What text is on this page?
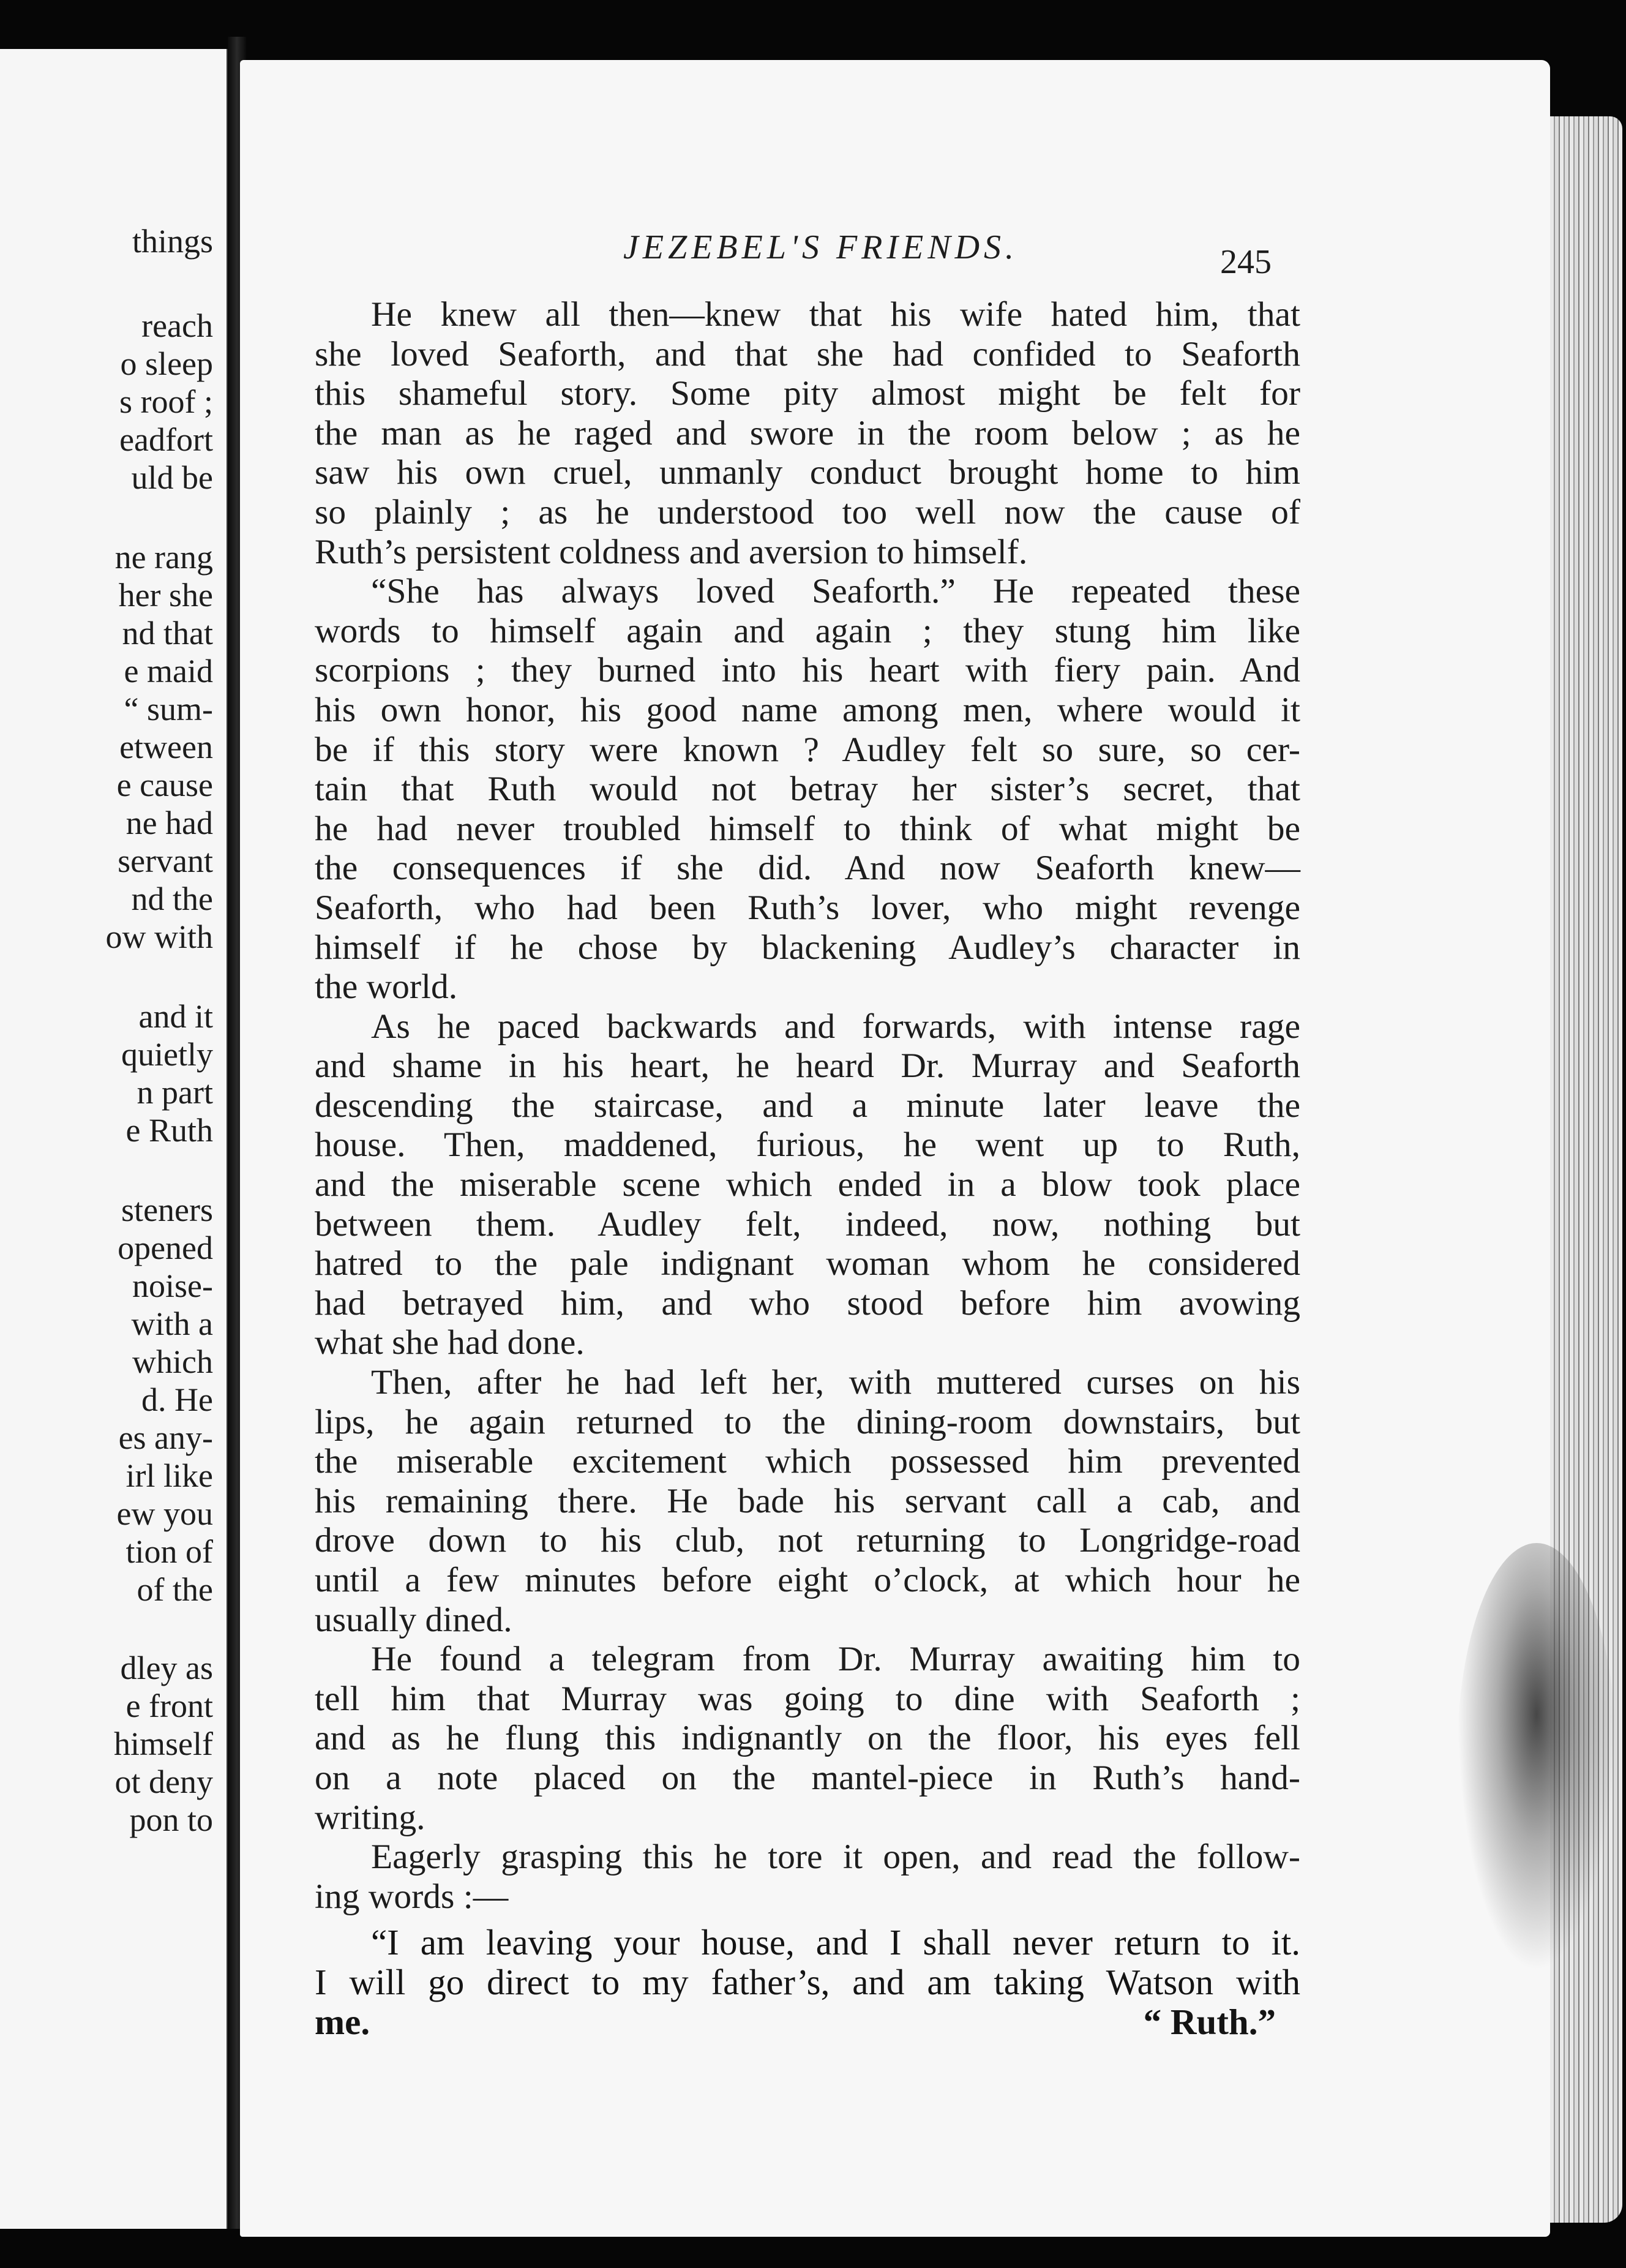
things
reach
o sleep
s roof ;
eadfort
uld be
ne rang
her she
nd that
e maid
“ sum-
etween
e cause
ne had
servant
nd the
ow with
and it
quietly
n part
e Ruth
steners
opened
noise-
with a
which
d. He
es any-
irl like
ew you
tion of
of the
dley as
e front
himself
ot deny
pon to
JEZEBEL'S FRIENDS.	245
He knew all then—knew that his wife hated him, that
she loved Seaforth, and that she had confided to Seaforth
this shameful story. Some pity almost might be felt for
the man as he raged and swore in the room below ; as he
saw his own cruel, unmanly conduct brought home to him
so plainly ; as he understood too well now the cause of
Ruth’s persistent coldness and aversion to himself.
“She has always loved Seaforth.” He repeated these
words to himself again and again ; they stung him like
scorpions ; they burned into his heart with fiery pain. And
his own honor, his good name among men, where would it
be if this story were known ? Audley felt so sure, so cer-
tain that Ruth would not betray her sister’s secret, that
he had never troubled himself to think of what might be
the consequences if she did. And now Seaforth knew—
Seaforth, who had been Ruth’s lover, who might revenge
himself if he chose by blackening Audley’s character in
the world.
As he paced backwards and forwards, with intense rage
and shame in his heart, he heard Dr. Murray and Seaforth
descending the staircase, and a minute later leave the
house. Then, maddened, furious, he went up to Ruth,
and the miserable scene which ended in a blow took place
between them. Audley felt, indeed, now, nothing but
hatred to the pale indignant woman whom he considered
had betrayed him, and who stood before him avowing
what she had done.
Then, after he had left her, with muttered curses on his
lips, he again returned to the dining-room downstairs, but
the miserable excitement which possessed him prevented
his remaining there. He bade his servant call a cab, and
drove down to his club, not returning to Longridge-road
until a few minutes before eight o’clock, at which hour he
usually dined.
He found a telegram from Dr. Murray awaiting him to
tell him that Murray was going to dine with Seaforth ;
and as he flung this indignantly on the floor, his eyes fell
on a note placed on the mantel-piece in Ruth’s hand-
writing.
Eagerly grasping this he tore it open, and read the follow-
ing words :—
“I am leaving your house, and I shall never return to it.
I will go direct to my father’s, and am taking Watson with
me.	“ Ruth.”
